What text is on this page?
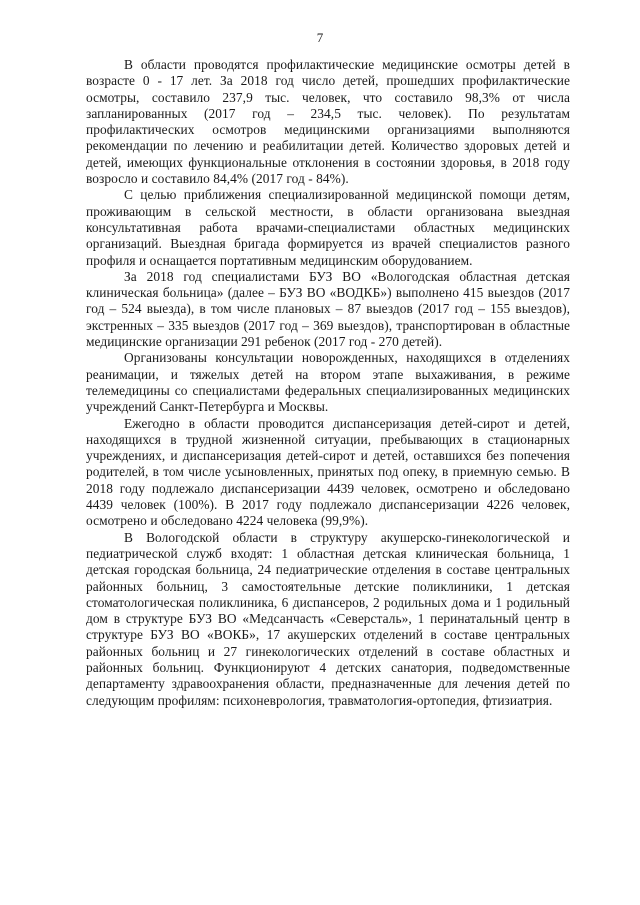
7

В области проводятся профилактические медицинские осмотры детей в возрасте 0 - 17 лет. За 2018 год число детей, прошедших профилактические осмотры, составило 237,9 тыс. человек, что составило 98,3% от числа запланированных (2017 год – 234,5 тыс. человек). По результатам профилактических осмотров медицинскими организациями выполняются рекомендации по лечению и реабилитации детей. Количество здоровых детей и детей, имеющих функциональные отклонения в состоянии здоровья, в 2018 году возросло и составило 84,4% (2017 год - 84%).

С целью приближения специализированной медицинской помощи детям, проживающим в сельской местности, в области организована выездная консультативная работа врачами-специалистами областных медицинских организаций. Выездная бригада формируется из врачей специалистов разного профиля и оснащается портативным медицинским оборудованием.

За 2018 год специалистами БУЗ ВО «Вологодская областная детская клиническая больница» (далее – БУЗ ВО «ВОДКБ») выполнено 415 выездов (2017 год – 524 выезда), в том числе плановых – 87 выездов (2017 год – 155 выездов), экстренных – 335 выездов (2017 год – 369 выездов), транспортирован в областные медицинские организации 291 ребенок (2017 год - 270 детей).

Организованы консультации новорожденных, находящихся в отделениях реанимации, и тяжелых детей на втором этапе выхаживания, в режиме телемедицины со специалистами федеральных специализированных медицинских учреждений Санкт-Петербурга и Москвы.

Ежегодно в области проводится диспансеризация детей-сирот и детей, находящихся в трудной жизненной ситуации, пребывающих в стационарных учреждениях, и диспансеризация детей-сирот и детей, оставшихся без попечения родителей, в том числе усыновленных, принятых под опеку, в приемную семью. В 2018 году подлежало диспансеризации 4439 человек, осмотрено и обследовано 4439 человек (100%). В 2017 году подлежало диспансеризации 4226 человек, осмотрено и обследовано 4224 человека (99,9%).

В Вологодской области в структуру акушерско-гинекологической и педиатрической служб входят: 1 областная детская клиническая больница, 1 детская городская больница, 24 педиатрические отделения в составе центральных районных больниц, 3 самостоятельные детские поликлиники, 1 детская стоматологическая поликлиника, 6 диспансеров, 2 родильных дома и 1 родильный дом в структуре БУЗ ВО «Медсанчасть «Северсталь», 1 перинатальный центр в структуре БУЗ ВО «ВОКБ», 17 акушерских отделений в составе центральных районных больниц и 27 гинекологических отделений в составе областных и районных больниц. Функционируют 4 детских санатория, подведомственные департаменту здравоохранения области, предназначенные для лечения детей по следующим профилям: психоневрология, травматология-ортопедия, фтизиатрия.
